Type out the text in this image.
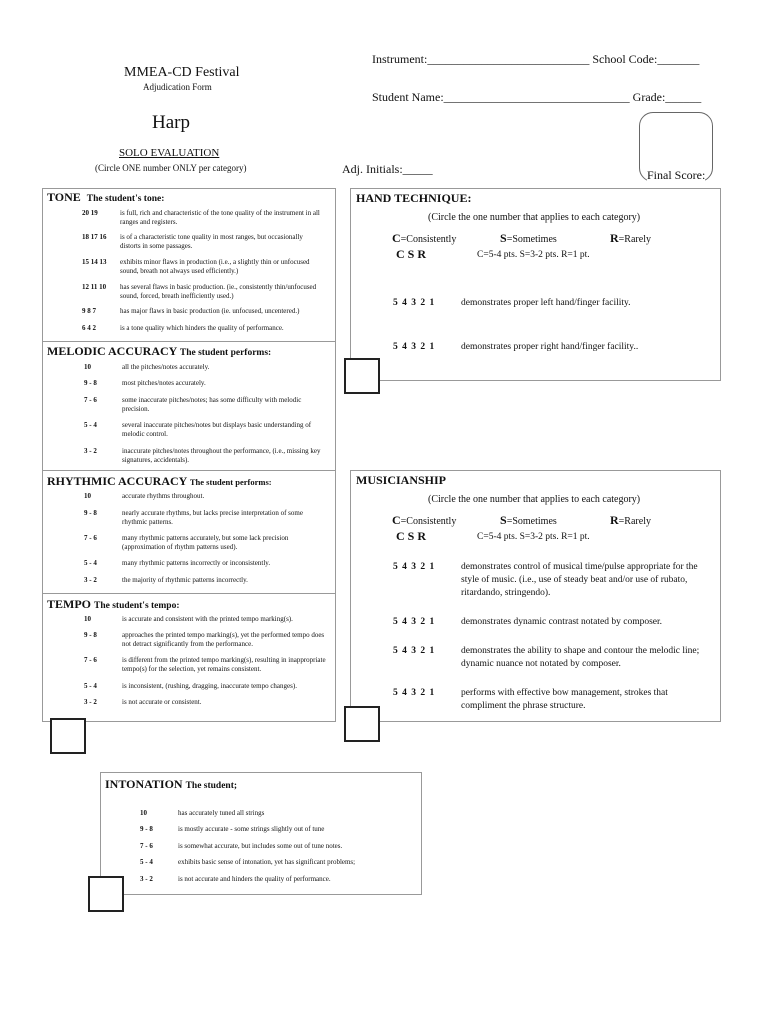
Instrument:___________________________ School Code:_______
MMEA-CD Festival
Adjudication Form
Student Name:_______________________________ Grade:______
Harp
SOLO EVALUATION
(Circle ONE number ONLY per category)	Adj. Initials:_____	Final Score:
TONE The student's tone:
20 19	is full, rich and characteristic of the tone quality of the instrument in all ranges and registers.
18 17 16 is of a characteristic tone quality in most ranges, but occasionally distorts in some passages.
15 14 13 exhibits minor flaws in production (i.e., a slightly thin or unfocused sound, breath not always used efficiently.)
12 11 10 has several flaws in basic production. (ie., consistently thin/unfocused sound, forced, breath inefficiently used.)
9 8 7	has major flaws in basic production (ie. unfocused, uncentered.)
6 4 2	is a tone quality which hinders the quality of performance.
MELODIC ACCURACY The student performs:
10	all the pitches/notes accurately.
9 - 8	most pitches/notes accurately.
7 - 6	some inaccurate pitches/notes; has some difficulty with melodic precision.
5 - 4	several inaccurate pitches/notes but displays basic understanding of melodic control.
3 - 2	inaccurate pitches/notes throughout the performance, (i.e., missing key signatures, accidentals).
RHYTHMIC ACCURACY The student performs:
10	accurate rhythms throughout.
9 - 8	nearly accurate rhythms, but lacks precise interpretation of some rhythmic patterns.
7 - 6	many rhythmic patterns accurately, but some lack precision (approximation of rhythm patterns used).
5 - 4	many rhythmic patterns incorrectly or inconsistently.
3 - 2	the majority of rhythmic patterns incorrectly.
TEMPO The student's tempo:
10	is accurate and consistent with the printed tempo marking(s).
9 - 8	approaches the printed tempo marking(s), yet the performed tempo does not detract significantly from the performance.
7 - 6	is different from the printed tempo marking(s), resulting in inappropriate tempo(s) for the selection, yet remains consistent.
5 - 4	is inconsistent, (rushing, dragging, inaccurate tempo changes).
3 - 2	is not accurate or consistent.
HAND TECHNIQUE:
(Circle the one number that applies to each category)
C=Consistently	S=Sometimes	R=Rarely
C S R	C=5-4 pts. S=3-2 pts. R=1 pt.
5 4 3 2 1	demonstrates proper left hand/finger facility.
5 4 3 2 1	demonstrates proper right hand/finger facility..
MUSICIANSHIP
(Circle the one number that applies to each category)
C=Consistently	S=Sometimes	R=Rarely
C S R	C=5-4 pts. S=3-2 pts. R=1 pt.
5 4 3 2 1	demonstrates control of musical time/pulse appropriate for the style of music. (i.e., use of steady beat and/or use of rubato, ritardando, stringendo).
5 4 3 2 1	demonstrates dynamic contrast notated by composer.
5 4 3 2 1	demonstrates the ability to shape and contour the melodic line; dynamic nuance not notated by composer.
5 4 3 2 1	performs with effective bow management, strokes that compliment the phrase structure.
INTONATION The student;
10	has accurately tuned all strings
9 - 8	is mostly accurate - some strings slightly out of tune
7 - 6	is somewhat accurate, but includes some out of tune notes.
5 - 4	exhibits basic sense of intonation, yet has significant problems;
3 - 2	is not accurate and hinders the quality of performance.
